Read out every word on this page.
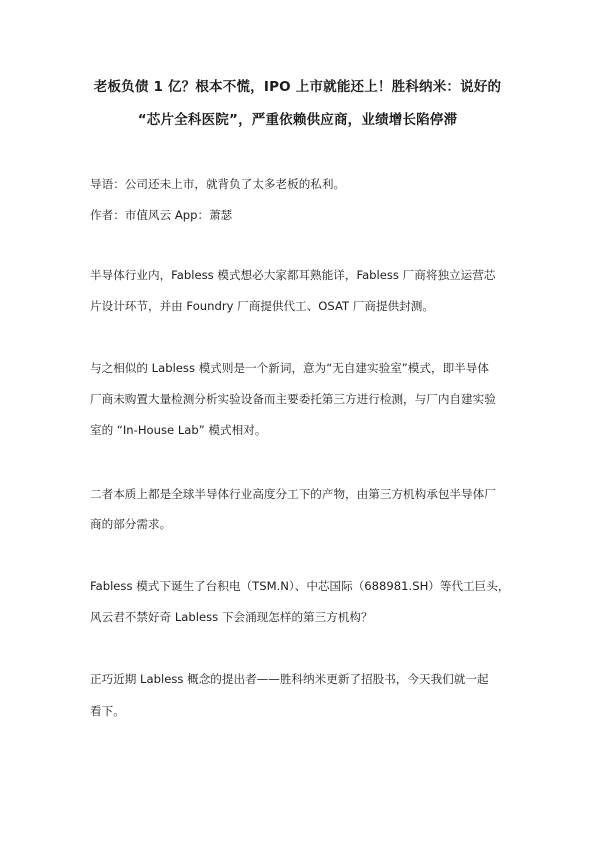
老板负债 1 亿？根本不慌，IPO 上市就能还上！胜科纳米：说好的
“芯片全科医院”，严重依赖供应商，业绩增长陷停滞
导语：公司还未上市，就背负了太多老板的私利。
作者：市值风云 App：萧瑟
半导体行业内，Fabless 模式想必大家都耳熟能详，Fabless 厂商将独立运营芯
片设计环节，并由 Foundry 厂商提供代工、OSAT 厂商提供封测。
与之相似的 Labless 模式则是一个新词，意为“无自建实验室”模式，即半导体
厂商未购置大量检测分析实验设备而主要委托第三方进行检测，与厂内自建实验
室的 “In-House Lab” 模式相对。
二者本质上都是全球半导体行业高度分工下的产物，由第三方机构承包半导体厂
商的部分需求。
Fabless 模式下诞生了台积电（TSM.N）、中芯国际（688981.SH）等代工巨头，
风云君不禁好奇 Labless 下会涌现怎样的第三方机构？
正巧近期 Labless 概念的提出者——胜科纳米更新了招股书，今天我们就一起
看下。
